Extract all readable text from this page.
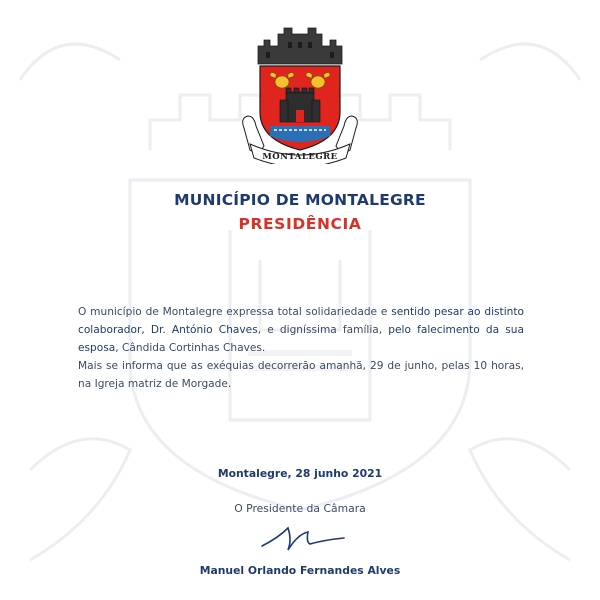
MONTALEGRE
MUNICÍPIO DE MONTALEGRE
PRESIDÊNCIA

O município de Montalegre expressa total solidariedade e sentido pesar ao distinto colaborador, Dr. António Chaves, e digníssima família, pelo falecimento da sua esposa, Cândida Cortinhas Chaves.

Mais se informa que as exéquias decorrerão amanhã, 29 de junho, pelas 10 horas, na Igreja matriz de Morgade.

Montalegre, 28 junho 2021
O Presidente da Câmara
Manuel Orlando Fernandes Alves
